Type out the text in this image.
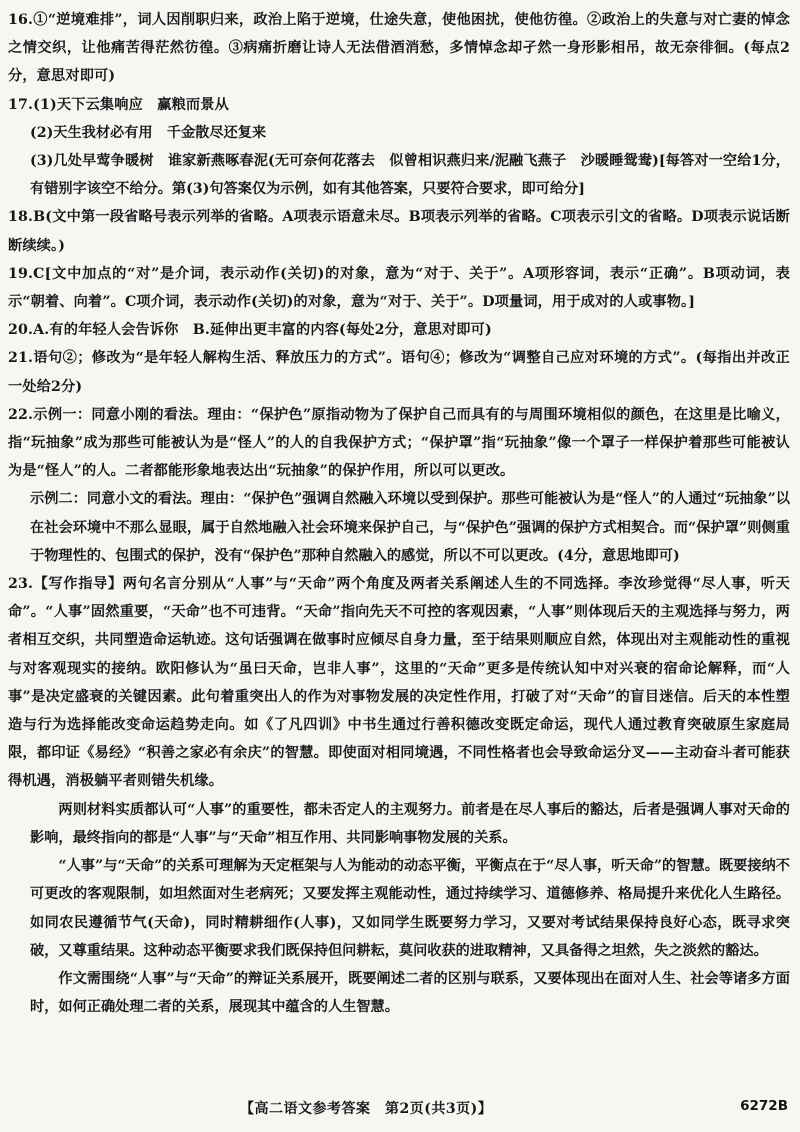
16.①“逆境难排”，词人因削职归来，政治上陷于逆境，仕途失意，使他困扰，使他彷徨。②政治上的失意与对亡妻的悼念之情交织，让他痛苦得茫然彷徨。③病痛折磨让诗人无法借酒消愁，多情悼念却孑然一身形影相吊，故无奈徘徊。(每点2分，意思对即可)
17.(1)天下云集响应　赢粮而景从
(2)天生我材必有用　千金散尽还复来
(3)几处早莺争暖树　谁家新燕啄春泥(无可奈何花落去　似曾相识燕归来/泥融飞燕子　沙暖睡鸳鸯)[每答对一空给1分，有错别字该空不给分。第(3)句答案仅为示例，如有其他答案，只要符合要求，即可给分]
18.B(文中第一段省略号表示列举的省略。A项表示语意未尽。B项表示列举的省略。C项表示引文的省略。D项表示说话断断续续。)
19.C[文中加点的“对”是介词，表示动作(关切)的对象，意为“对于、关于”。A项形容词，表示“正确”。B项动词，表示“朝着、向着”。C项介词，表示动作(关切)的对象，意为“对于、关于”。D项量词，用于成对的人或事物。]
20.A.有的年轻人会告诉你　B.延伸出更丰富的内容(每处2分，意思对即可)
21.语句②；修改为“是年轻人解构生活、释放压力的方式”。语句④；修改为“调整自己应对环境的方式”。(每指出并改正一处给2分)
22.示例一：同意小刚的看法。理由：“保护色”原指动物为了保护自己而具有的与周围环境相似的颜色，在这里是比喻义，指“玩抽象”成为那些可能被认为是“怪人”的人的自我保护方式；“保护罩”指“玩抽象”像一个罩子一样保护着那些可能被认为是“怪人”的人。二者都能形象地表达出“玩抽象”的保护作用，所以可以更改。
示例二：同意小文的看法。理由：“保护色”强调自然融入环境以受到保护。那些可能被认为是“怪人”的人通过“玩抽象”以在社会环境中不那么显眼，属于自然地融入社会环境来保护自己，与“保护色”强调的保护方式相契合。而“保护罩”则侧重于物理性的、包围式的保护，没有“保护色”那种自然融入的感觉，所以不可以更改。(4分，意思地即可)
23.【写作指导】两句名言分别从“人事”与“天命”两个角度及两者关系阐述人生的不同选择。李汝珍觉得“尽人事，听天命”。“人事”固然重要，“天命”也不可违背。“天命”指向先天不可控的客观因素，“人事”则体现后天的主观选择与努力，两者相互交织，共同塑造命运轨迹。这句话强调在做事时应倾尽自身力量，至于结果则顺应自然，体现出对主观能动性的重视与对客观现实的接纳。欧阳修认为“虽曰天命，岂非人事”，这里的“天命”更多是传统认知中对兴衰的宿命论解释，而“人事”是决定盛衰的关键因素。此句着重突出人的作为对事物发展的决定性作用，打破了对“天命”的盲目迷信。后天的本性塑造与行为选择能改变命运趋势走向。如《了凡四训》中书生通过行善积德改变既定命运，现代人通过教育突破原生家庭局限，都印证《易经》“积善之家必有余庆”的智慧。即使面对相同境遇，不同性格者也会导致命运分叉——主动奋斗者可能获得机遇，消极躺平者则错失机缘。
两则材料实质都认可“人事”的重要性，都未否定人的主观努力。前者是在尽人事后的豁达，后者是强调人事对天命的影响，最终指向的都是“人事”与“天命”相互作用、共同影响事物发展的关系。
“人事”与“天命”的关系可理解为天定框架与人为能动的动态平衡，平衡点在于“尽人事，听天命”的智慧。既要接纳不可更改的客观限制，如坦然面对生老病死；又要发挥主观能动性，通过持续学习、道德修养、格局提升来优化人生路径。如同农民遵循节气(天命)，同时精耕细作(人事)，又如同学生既要努力学习，又要对考试结果保持良好心态，既寻求突破，又尊重结果。这种动态平衡要求我们既保持但问耕耘，莫问收获的进取精神，又具备得之坦然，失之淡然的豁达。
作文需围绕“人事”与“天命”的辩证关系展开，既要阐述二者的区别与联系，又要体现出在面对人生、社会等诸多方面时，如何正确处理二者的关系，展现其中蕴含的人生智慧。
【高二语文参考答案　第2页(共3页)】	6272B
